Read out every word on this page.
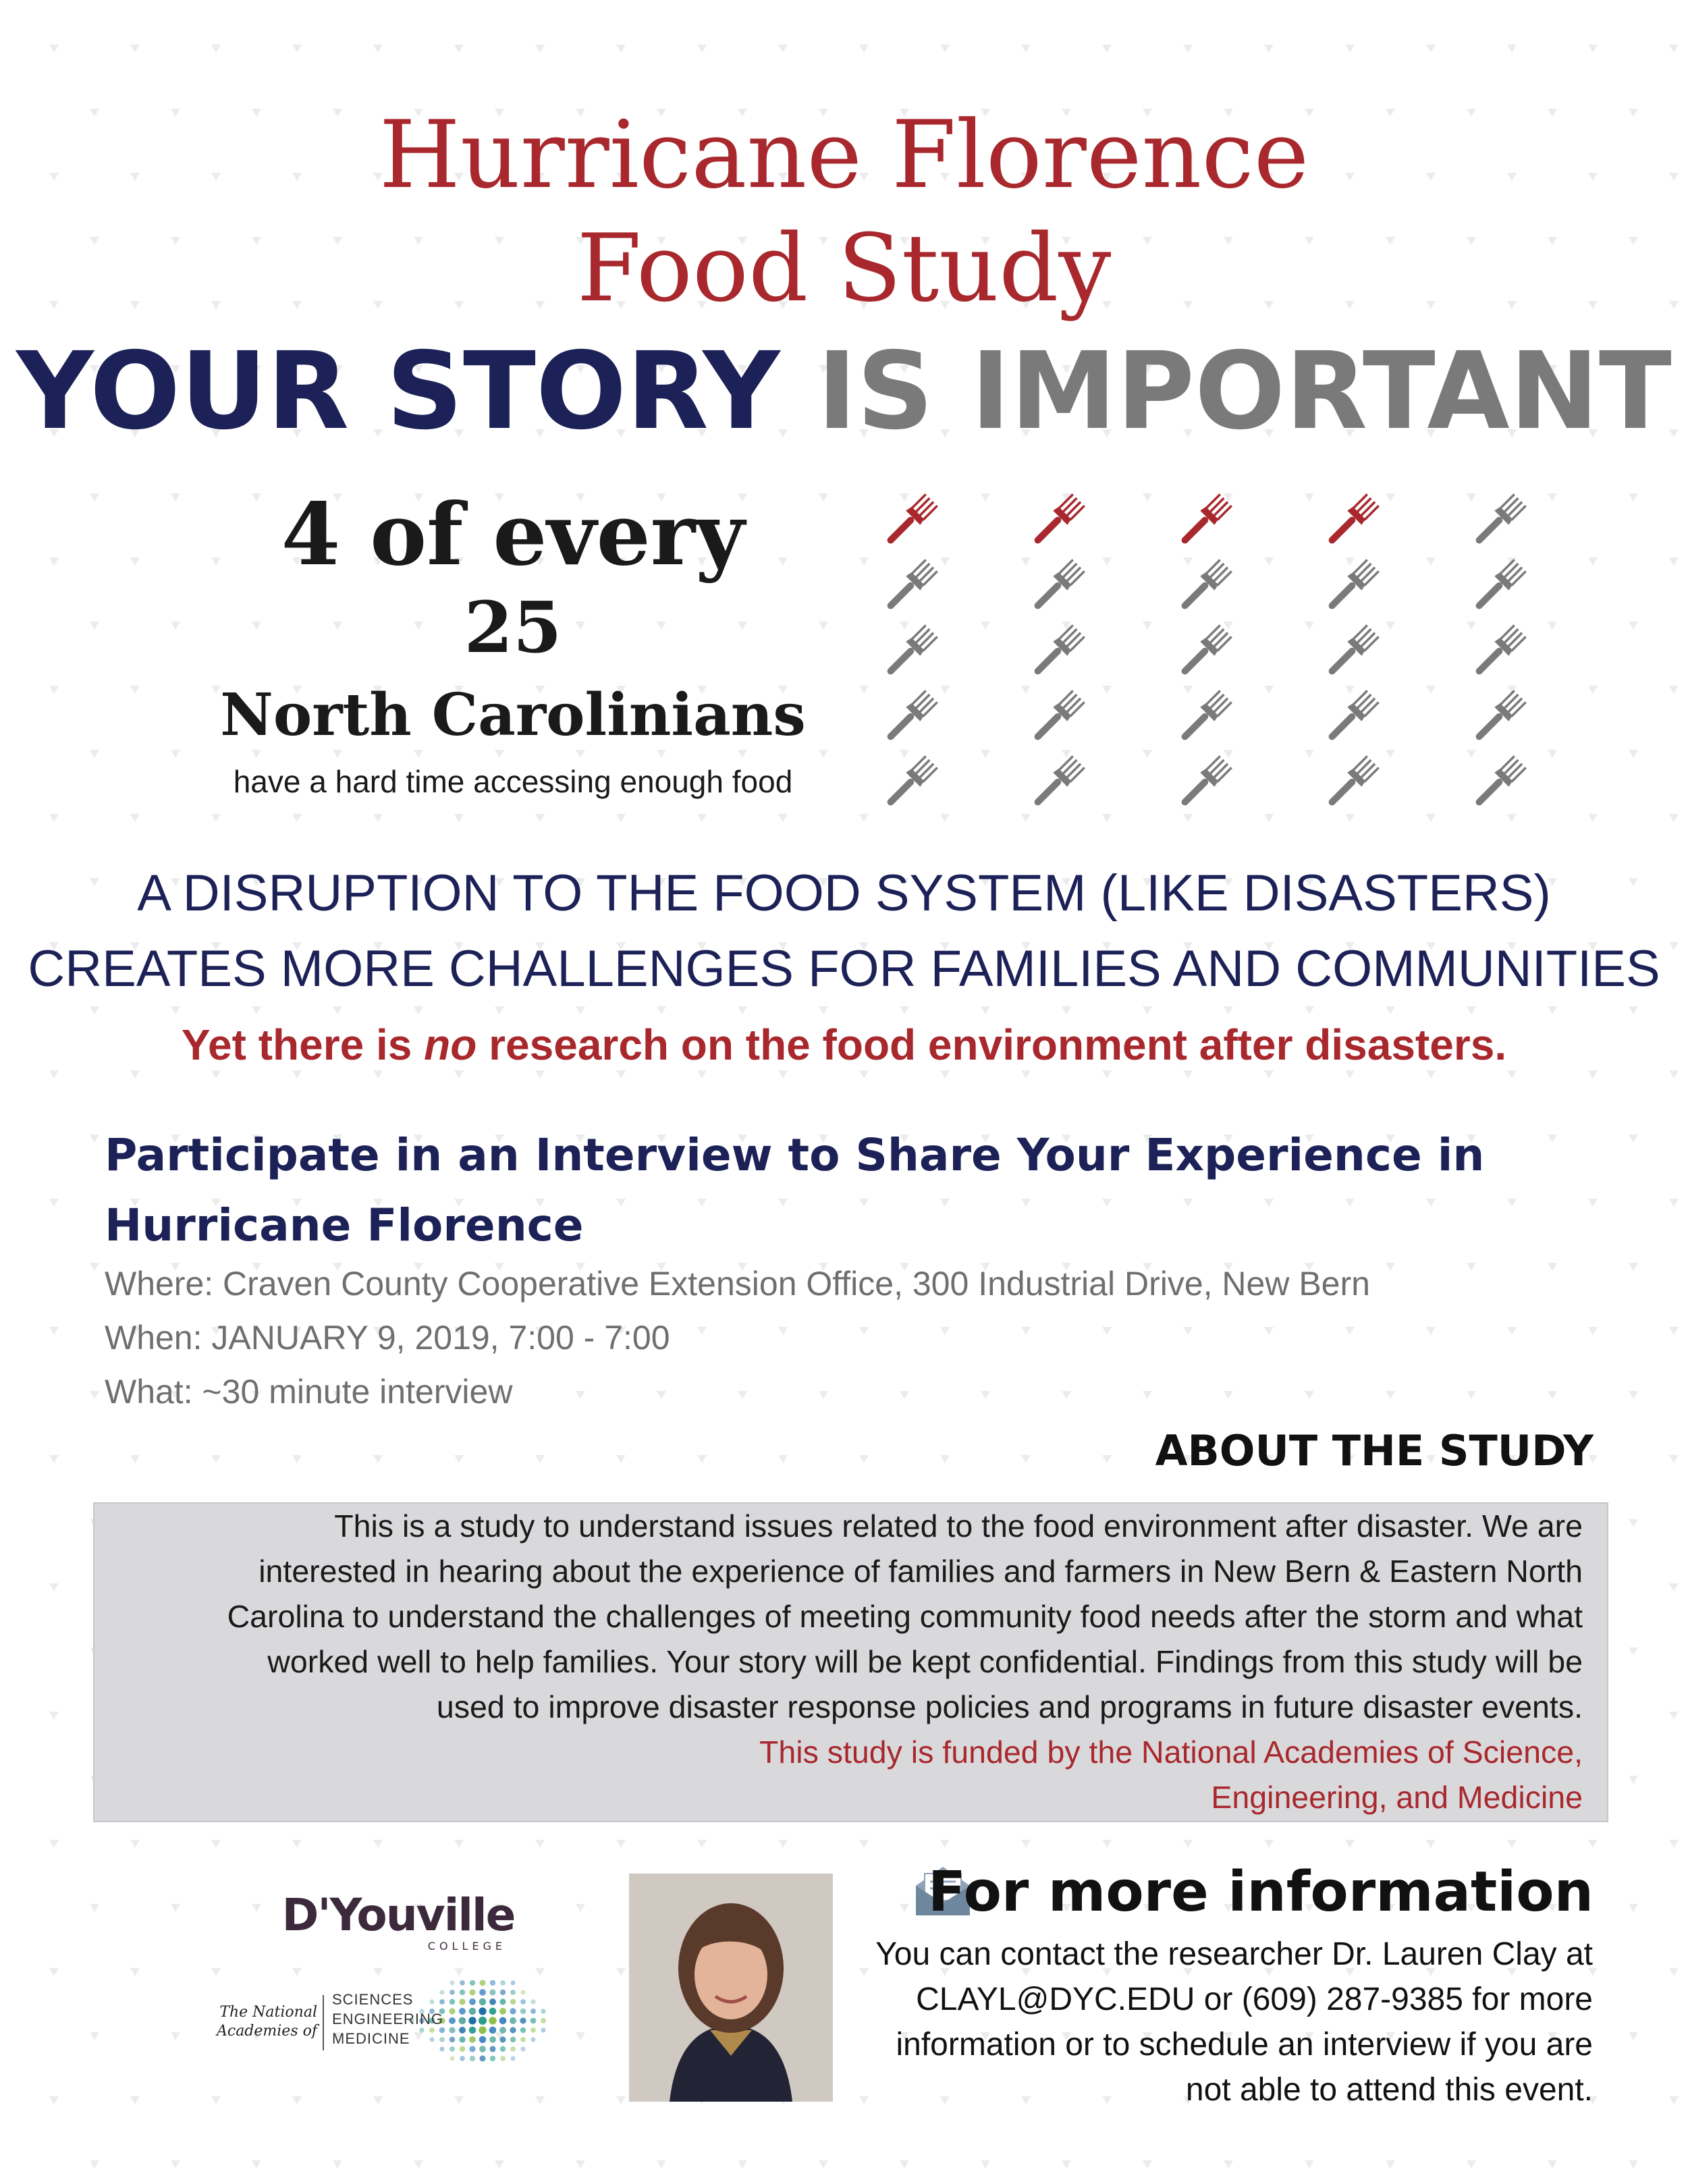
Hurricane Florence
Food Study
YOUR STORY IS IMPORTANT
4 of every
25
North Carolinians
have a hard time accessing enough food
A DISRUPTION TO THE FOOD SYSTEM (LIKE DISASTERS)
CREATES MORE CHALLENGES FOR FAMILIES AND COMMUNITIES
Yet there is no research on the food environment after disasters.
Participate in an Interview to Share Your Experience in
Hurricane Florence
Where: Craven County Cooperative Extension Office, 300 Industrial Drive, New Bern
When: JANUARY 9, 2019, 7:00 - 7:00
What: ~30 minute interview
ABOUT THE STUDY
This is a study to understand issues related to the food environment after disaster. We are
interested in hearing about the experience of families and farmers in New Bern & Eastern North
Carolina to understand the challenges of meeting community food needs after the storm and what
worked well to help families. Your story will be kept confidential. Findings from this study will be
used to improve disaster response policies and programs in future disaster events.
This study is funded by the National Academies of Science,
Engineering, and Medicine
D'Youville
COLLEGE
The National
Academies of
SCIENCES
ENGINEERING
MEDICINE
For more information
You can contact the researcher Dr. Lauren Clay at
CLAYL@DYC.EDU or (609) 287-9385 for more
information or to schedule an interview if you are
not able to attend this event.
